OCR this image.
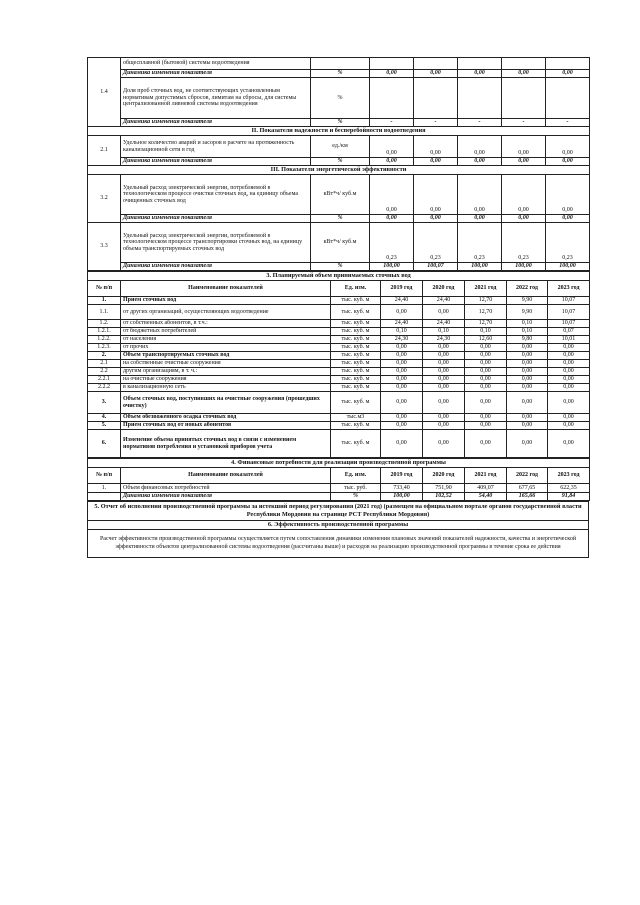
1.4	общесплавной (бытовой) системы водоотведения						
	Динамика изменения показателя	%	0,00	0,00	0,00	0,00	0,00
	Доля проб сточных вод, не соответствующих установленным нормативам допустимых сбросов, лимитам на сбросы, для системы централизованной ливневой системы водоотведения	%					
	Динамика изменения показателя	%	-	-	-	-	-
II. Показатели надежности и бесперебойности водоотведения							
2.1	Удельное количество аварий и засоров в расчете на протяженность канализационной сети в год	ед./км	0,00	0,00	0,00	0,00	0,00
	Динамика изменения показателя	%	0,00	0,00	0,00	0,00	0,00
III. Показатели энергетической эффективности							
3.2	Удельный расход электрической энергии, потребляемой в технологическом процессе очистки сточных вод, на единицу объема очищенных сточных вод	кВт*ч/ куб.м	0,00	0,00	0,00	0,00	0,00
	Динамика изменения показателя	%	0,00	0,00	0,00	0,00	0,00
3.3	Удельный расход электрической энергии, потребляемой в технологическом процессе транспортировки сточных вод, на единицу объема транспортируемых сточных вод	кВт*ч/ куб.м	0,23	0,23	0,23	0,23	0,23
	Динамика изменения показателя	%	100,00	100,07	100,00	100,00	100,00
3. Планируемый объем принимаемых сточных вод							
№ п/п	Наименование показателей	Ед. изм.	2019 год	2020 год	2021 год	2022 год	2023 год
1.	Прием сточных вод	тыс. куб. м	24,40	24,40	12,70	9,90	10,07
1.1.	от других организаций, осуществляющих водоотведение	тыс. куб. м	0,00	0,00	12,70	9,90	10,07
1.2.	от собственных абонентов, в т.ч.:	тыс. куб. м	24,40	24,40	12,70	0,10	10,07
1.2.1.	от бюджетных потребителей	тыс. куб. м	0,10	0,10	0,10	0,10	0,07
1.2.2.	от населения	тыс. куб. м	24,30	24,30	12,60	9,80	10,01
1.2.3.	от прочих	тыс. куб. м	0,00	0,00	0,00	0,00	0,00
2.	Объем транспортируемых сточных вод	тыс. куб. м	0,00	0,00	0,00	0,00	0,00
2.1	на собственные очистные сооружения	тыс. куб. м	0,00	0,00	0,00	0,00	0,00
2.2	другим организациям, в т. ч.:	тыс. куб. м	0,00	0,00	0,00	0,00	0,00
2.2.1	на очистные сооружения	тыс. куб. м	0,00	0,00	0,00	0,00	0,00
2.2.2	в канализационную сеть	тыс. куб. м	0,00	0,00	0,00	0,00	0,00
3.	Объем сточных вод, поступивших на очистные сооружения (прошедших очистку)	тыс. куб. м	0,00	0,00	0,00	0,00	0,00
4.	Объем обезвоженного осадка сточных вод	тыс.м3	0,00	0,00	0,00	0,00	0,00
5.	Прием сточных вод от новых абонентов	тыс. куб. м	0,00	0,00	0,00	0,00	0,00
6.	Изменение объема принятых сточных вод в связи с изменением нормативов потребления и установкой приборов учета	тыс. куб. м	0,00	0,00	0,00	0,00	0,00
4. Финансовые потребности для реализации производственной программы							
№ п/п	Наименование показателей	Ед. изм.	2019 год	2020 год	2021 год	2022 год	2023 год
1.	Объем финансовых потребностей	тыс. руб.	733,40	751,90	409,07	677,65	622,35
	Динамика изменения показателя	%	100,00	102,52	54,40	165,66	91,84
5. Отчет об исполнении производственной программы за истекший период регулирования (2021 год) (размещен на официальном портале органов государственной власти Республики Мордовия на странице РСТ Республики Мордовия)
6. Эффективность производственной программы
Расчет эффективности производственной программы осуществляется путем сопоставления динамики изменения плановых значений показателей надежности, качества и энергетической эффективности объектов централизованной системы водоотведения (рассчитаны выше) и расходов на реализацию производственной программы в течение срока ее действия
